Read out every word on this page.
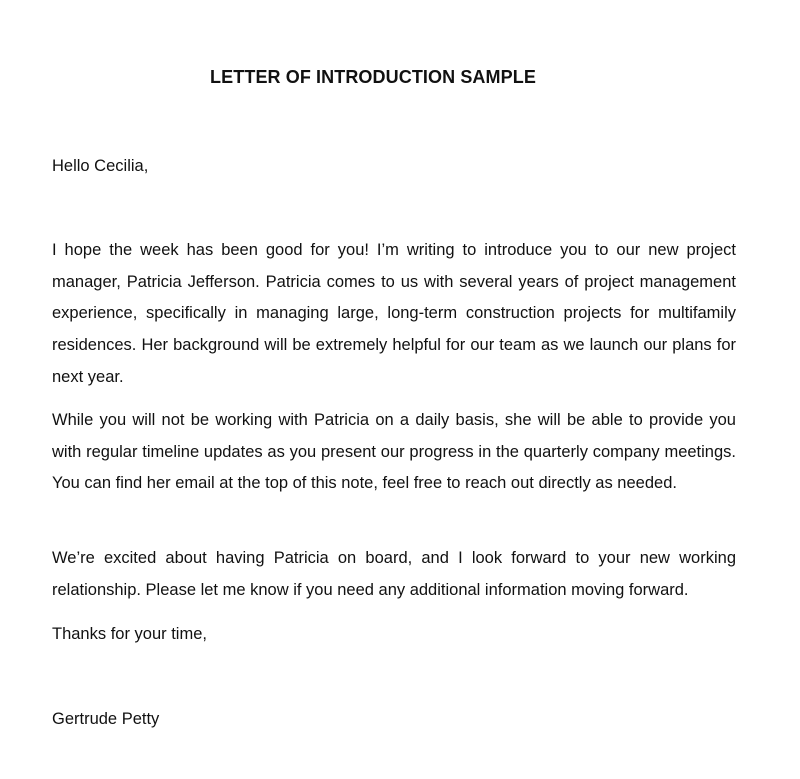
LETTER OF INTRODUCTION SAMPLE

Hello Cecilia,

I hope the week has been good for you! I’m writing to introduce you to our new project manager, Patricia Jefferson. Patricia comes to us with several years of project management experience, specifically in managing large, long-term construction projects for multifamily residences. Her background will be extremely helpful for our team as we launch our plans for next year.

While you will not be working with Patricia on a daily basis, she will be able to provide you with regular timeline updates as you present our progress in the quarterly company meetings. You can find her email at the top of this note, feel free to reach out directly as needed.

We’re excited about having Patricia on board, and I look forward to your new working relationship. Please let me know if you need any additional information moving forward.

Thanks for your time,

Gertrude Petty
